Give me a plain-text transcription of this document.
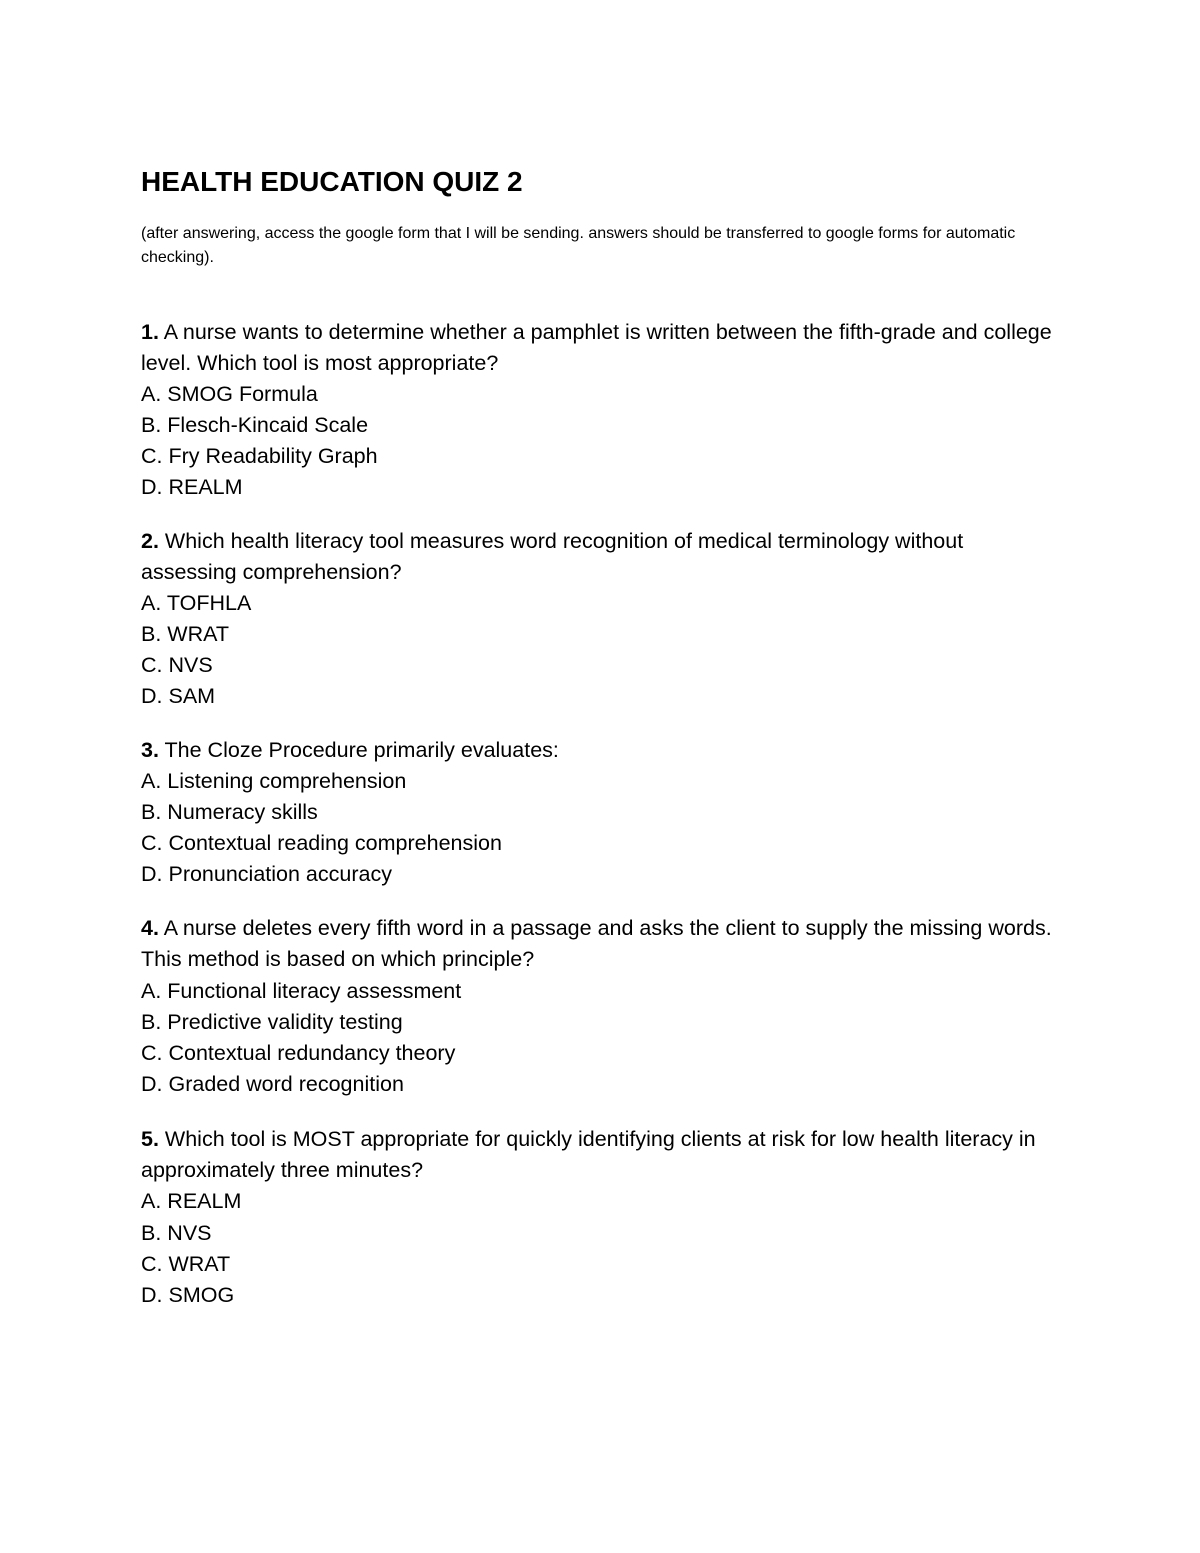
HEALTH EDUCATION QUIZ 2

(after answering, access the google form that I will be sending. answers should be transferred to google forms for automatic checking).

1. A nurse wants to determine whether a pamphlet is written between the fifth-grade and college level. Which tool is most appropriate?

A. SMOG Formula

B. Flesch-Kincaid Scale

C. Fry Readability Graph

D. REALM

2. Which health literacy tool measures word recognition of medical terminology without assessing comprehension?

A. TOFHLA

B. WRAT

C. NVS

D. SAM

3. The Cloze Procedure primarily evaluates:

A. Listening comprehension

B. Numeracy skills

C. Contextual reading comprehension

D. Pronunciation accuracy

4. A nurse deletes every fifth word in a passage and asks the client to supply the missing words. This method is based on which principle?

A. Functional literacy assessment

B. Predictive validity testing

C. Contextual redundancy theory

D. Graded word recognition

5. Which tool is MOST appropriate for quickly identifying clients at risk for low health literacy in approximately three minutes?

A. REALM

B. NVS

C. WRAT

D. SMOG
